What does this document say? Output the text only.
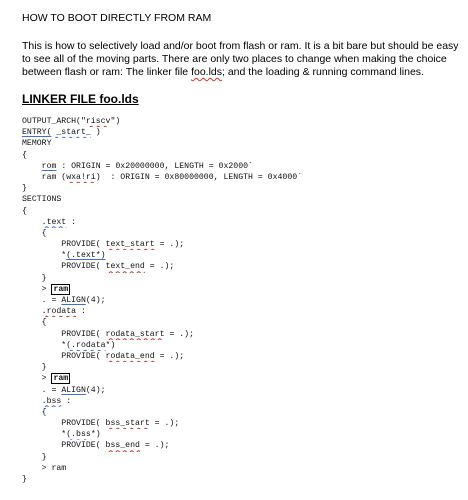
HOW TO BOOT DIRECTLY FROM RAM
This is how to selectively load and/or boot from flash or ram. It is a bit bare but should be easy
to see all of the moving parts. There are only two places to change when making the choice
between flash or ram: The linker file foo.lds; and the loading & running command lines.
LINKER FILE foo.lds
OUTPUT_ARCH("riscv")
ENTRY( _start_ )
MEMORY
{
rom : ORIGIN = 0x20000000, LENGTH = 0x2000`
ram (wxa!ri)  : ORIGIN = 0x80000000, LENGTH = 0x4000`
}
SECTIONS
{
.text :
{
PROVIDE( text_start = .);
*(.text*)
PROVIDE( text_end = .);
}
> ram
. = ALIGN(4);
.rodata :
{
PROVIDE( rodata_start = .);
*(.rodata*)
PROVIDE( rodata_end = .);
}
> ram
. = ALIGN(4);
.bss :
{
PROVIDE( bss_start = .);
*(.bss*)
PROVIDE( bss_end = .);
}
> ram
}
